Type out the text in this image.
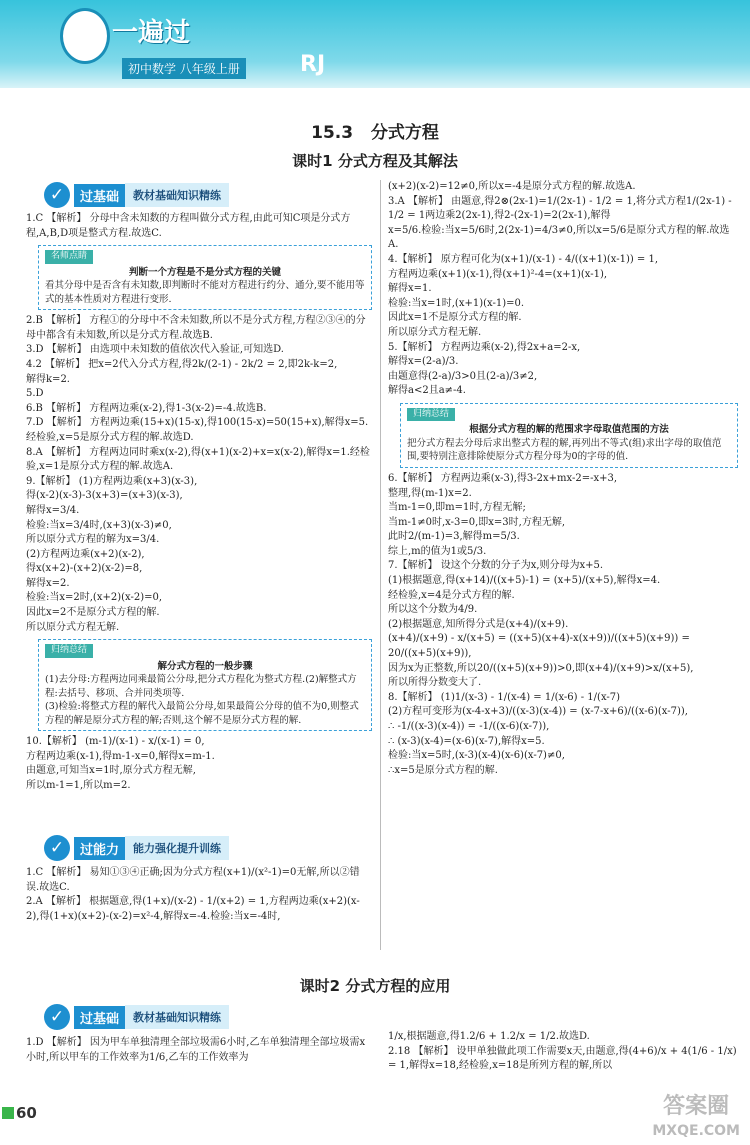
一遍过
初中数学 八年级上册	RJ
15.3 分式方程
课时1 分式方程及其解法
✓	过基础	教材基础知识精练

1.C 【解析】 分母中含未知数的方程叫做分式方程,由此可知C项是分式方程,A,B,D项是整式方程.故选C.

名师点睛
判断一个方程是不是分式方程的关键
看其分母中是否含有未知数,即判断时不能对方程进行约分、通分,要不能用等式的基本性质对方程进行变形.

2.B 【解析】 方程①的分母中不含未知数,所以不是分式方程,方程②③④的分母中都含有未知数,所以是分式方程.故选B.

3.D 【解析】 由选项中未知数的值依次代入验证,可知选D.

4.2 【解析】 把x=2代入分式方程,得2k/(2-1) - 2k/2 = 2,即2k-k=2,

解得k=2.

5.D

6.B 【解析】 方程两边乘(x-2),得1-3(x-2)=-4.故选B.

7.D 【解析】 方程两边乘(15+x)(15-x),得100(15-x)=50(15+x),解得x=5.经检验,x=5是原分式方程的解.故选D.

8.A 【解析】 方程两边同时乘x(x-2),得(x+1)(x-2)+x=x(x-2),解得x=1.经检验,x=1是原分式方程的解.故选A.

9.【解析】 (1)方程两边乘(x+3)(x-3),

得(x-2)(x-3)-3(x+3)=(x+3)(x-3),

解得x=3/4.

检验:当x=3/4时,(x+3)(x-3)≠0,

所以原分式方程的解为x=3/4.

(2)方程两边乘(x+2)(x-2),

得x(x+2)-(x+2)(x-2)=8,

解得x=2.

检验:当x=2时,(x+2)(x-2)=0,

因此x=2不是原分式方程的解.

所以原分式方程无解.

归纳总结
解分式方程的一般步骤
(1)去分母:方程两边同乘最简公分母,把分式方程化为整式方程.(2)解整式方程:去括号、移项、合并同类项等.
(3)检验:将整式方程的解代入最简公分母,如果最简公分母的值不为0,则整式方程的解是原分式方程的解;否则,这个解不是原分式方程的解.

10.【解析】 (m-1)/(x-1) - x/(x-1) = 0,

方程两边乘(x-1),得m-1-x=0,解得x=m-1.

由题意,可知当x=1时,原分式方程无解,

所以m-1=1,所以m=2.

✓	过能力	能力强化提升训练

1.C 【解析】 易知①③④正确;因为分式方程(x+1)/(x²-1)=0无解,所以②错误.故选C.

2.A 【解析】 根据题意,得(1+x)/(x-2) - 1/(x+2) = 1,方程两边乘(x+2)(x-2),得(1+x)(x+2)-(x-2)=x²-4,解得x=-4.检验:当x=-4时,

(x+2)(x-2)=12≠0,所以x=-4是原分式方程的解.故选A.

3.A 【解析】 由题意,得2⊗(2x-1)=1/(2x-1) - 1/2 = 1,将分式方程1/(2x-1) - 1/2 = 1两边乘2(2x-1),得2-(2x-1)=2(2x-1),解得

x=5/6.检验:当x=5/6时,2(2x-1)=4/3≠0,所以x=5/6是原分式方程的解.故选A.

4.【解析】 原方程可化为(x+1)/(x-1) - 4/((x+1)(x-1)) = 1,

方程两边乘(x+1)(x-1),得(x+1)²-4=(x+1)(x-1),

解得x=1.

检验:当x=1时,(x+1)(x-1)=0.

因此x=1不是原分式方程的解.

所以原分式方程无解.

5.【解析】 方程两边乘(x-2),得2x+a=2-x,

解得x=(2-a)/3.

由题意得(2-a)/3>0且(2-a)/3≠2,

解得a<2且a≠-4.

归纳总结
根据分式方程的解的范围求字母取值范围的方法
把分式方程去分母后求出整式方程的解,再列出不等式(组)求出字母的取值范围,要特别注意排除使原分式方程分母为0的字母的值.

6.【解析】 方程两边乘(x-3),得3-2x+mx-2=-x+3,

整理,得(m-1)x=2.

当m-1=0,即m=1时,方程无解;

当m-1≠0时,x-3=0,即x=3时,方程无解,

此时2/(m-1)=3,解得m=5/3.

综上,m的值为1或5/3.

7.【解析】 设这个分数的分子为x,则分母为x+5.

(1)根据题意,得(x+14)/((x+5)-1) = (x+5)/(x+5),解得x=4.

经检验,x=4是分式方程的解.

所以这个分数为4/9.

(2)根据题意,知所得分式是(x+4)/(x+9).

(x+4)/(x+9) - x/(x+5) = ((x+5)(x+4)-x(x+9))/((x+5)(x+9)) = 20/((x+5)(x+9)),

因为x为正整数,所以20/((x+5)(x+9))>0,即(x+4)/(x+9)>x/(x+5),

所以所得分数变大了.

8.【解析】 (1)1/(x-3) - 1/(x-4) = 1/(x-6) - 1/(x-7)

(2)方程可变形为(x-4-x+3)/((x-3)(x-4)) = (x-7-x+6)/((x-6)(x-7)),

∴ -1/((x-3)(x-4)) = -1/((x-6)(x-7)),

∴ (x-3)(x-4)=(x-6)(x-7),解得x=5.

检验:当x=5时,(x-3)(x-4)(x-6)(x-7)≠0,

∴x=5是原分式方程的解.

课时2 分式方程的应用
✓	过基础	教材基础知识精练

1.D 【解析】 因为甲车单独清理全部垃圾需6小时,乙车单独清理全部垃圾需x小时,所以甲车的工作效率为1/6,乙车的工作效率为

1/x,根据题意,得1.2/6 + 1.2/x = 1/2.故选D.

2.18 【解析】 设甲单独做此项工作需要x天,由题意,得(4+6)/x + 4(1/6 - 1/x) = 1,解得x=18,经检验,x=18是所列方程的解,所以

60	答案圈
MXQE.COM
